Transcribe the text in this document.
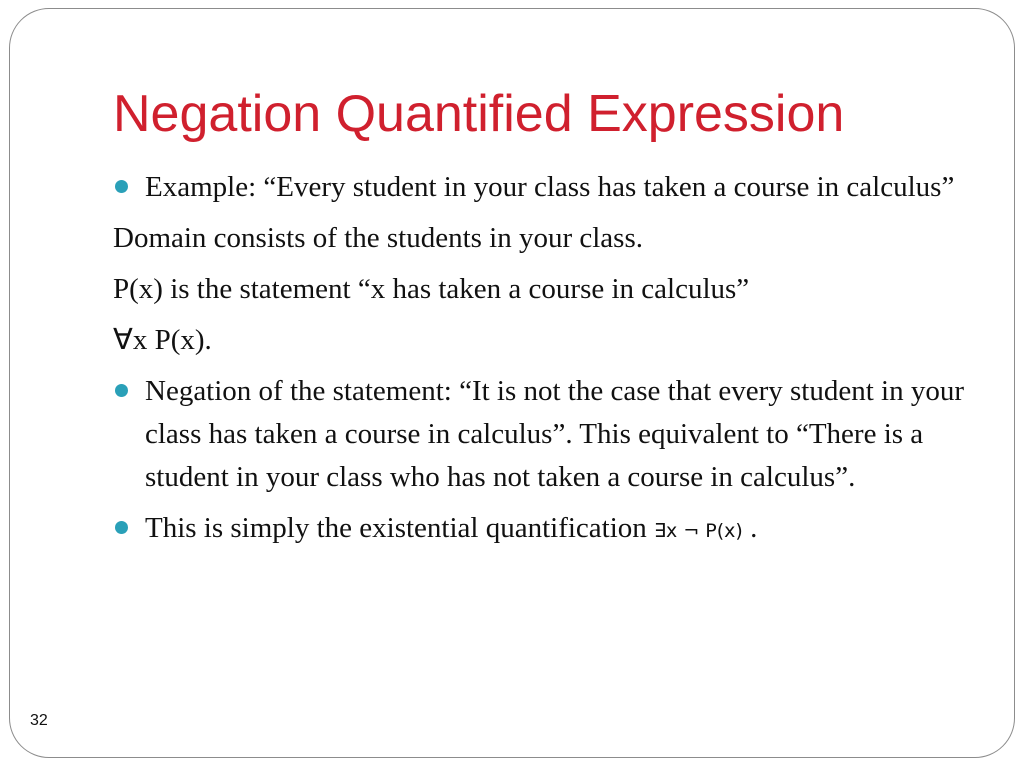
Negation Quantified Expression
Example: “Every student in your class has taken a course in calculus”
Domain consists of the students in your class.
P(x) is the statement “x has taken a course in calculus”
∀x P(x).
Negation of the statement: “It is not the case that every student in your class has taken a course in calculus”. This equivalent to “There is a student in your class who has not taken a course in calculus”.
This is simply the existential quantification ∃x ¬ P(x) .
32
